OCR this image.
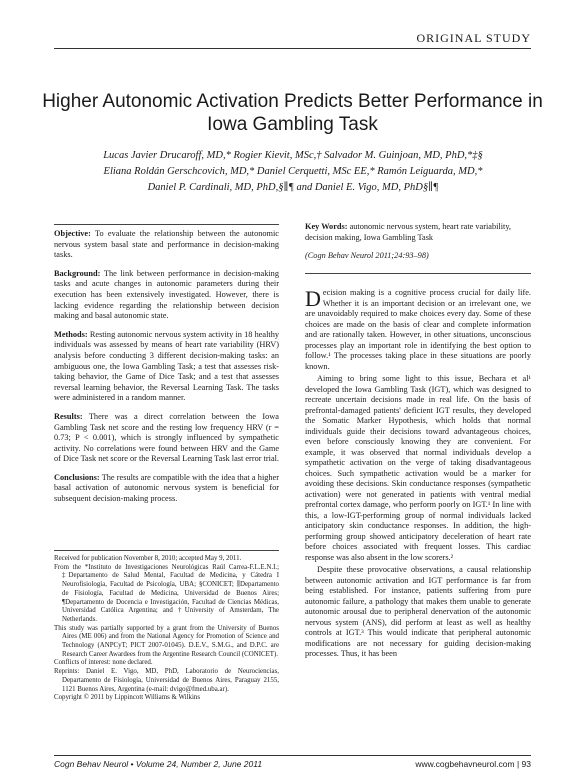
ORIGINAL STUDY
Higher Autonomic Activation Predicts Better Performance in Iowa Gambling Task
Lucas Javier Drucaroff, MD,* Rogier Kievit, MSc,† Salvador M. Guinjoan, MD, PhD,*‡§
Eliana Roldán Gerschcovich, MD,* Daniel Cerquetti, MSc EE,* Ramón Leiguarda, MD,*
Daniel P. Cardinali, MD, PhD,§∥¶ and Daniel E. Vigo, MD, PhD§∥¶

Objective: To evaluate the relationship between the autonomic nervous system basal state and performance in decision-making tasks.

Background: The link between performance in decision-making tasks and acute changes in autonomic parameters during their execution has been extensively investigated. However, there is lacking evidence regarding the relationship between decision making and basal autonomic state.

Methods: Resting autonomic nervous system activity in 18 healthy individuals was assessed by means of heart rate variability (HRV) analysis before conducting 3 different decision-making tasks: an ambiguous one, the Iowa Gambling Task; a test that assesses risk-taking behavior, the Game of Dice Task; and a test that assesses reversal learning behavior, the Reversal Learning Task. The tasks were administered in a random manner.

Results: There was a direct correlation between the Iowa Gambling Task net score and the resting low frequency HRV (r = 0.73; P < 0.001), which is strongly influenced by sympathetic activity. No correlations were found between HRV and the Game of Dice Task net score or the Reversal Learning Task last error trial.

Conclusions: The results are compatible with the idea that a higher basal activation of autonomic nervous system is beneficial for subsequent decision-making process.

Received for publication November 8, 2010; accepted May 9, 2011.

From the *Instituto de Investigaciones Neurológicas Raúl Carrea-F.L.E.N.I.; ‡Departamento de Salud Mental, Facultad de Medicina, y Cátedra I Neurofisiología, Facultad de Psicología, UBA; §CONICET; ∥Departamento de Fisiología, Facultad de Medicina, Universidad de Buenos Aires; ¶Departamento de Docencia e Investigación, Facultad de Ciencias Médicas, Universidad Católica Argentina; and †University of Amsterdam, The Netherlands.

This study was partially supported by a grant from the University of Buenos Aires (ME 006) and from the National Agency for Promotion of Science and Technology (ANPCyT; PICT 2007-01045). D.E.V., S.M.G., and D.P.C. are Research Career Awardees from the Argentine Research Council (CONICET).

Conflicts of interest: none declared.

Reprints: Daniel E. Vigo, MD, PhD, Laboratorio de Neurociencias, Departamento de Fisiología, Universidad de Buenos Aires, Paraguay 2155, 1121 Buenos Aires, Argentina (e-mail: dvigo@fmed.uba.ar).

Copyright © 2011 by Lippincott Williams & Wilkins

Key Words: autonomic nervous system, heart rate variability, decision making, Iowa Gambling Task

(Cogn Behav Neurol 2011;24:93–98)

Decision making is a cognitive process crucial for daily life. Whether it is an important decision or an irrelevant one, we are unavoidably required to make choices every day. Some of these choices are made on the basis of clear and complete information and are rationally taken. However, in other situations, unconscious processes play an important role in identifying the best option to follow.¹ The processes taking place in these situations are poorly known.

Aiming to bring some light to this issue, Bechara et al¹ developed the Iowa Gambling Task (IGT), which was designed to recreate uncertain decisions made in real life. On the basis of prefrontal-damaged patients' deficient IGT results, they developed the Somatic Marker Hypothesis, which holds that normal individuals guide their decisions toward advantageous choices, even before consciously knowing they are convenient. For example, it was observed that normal individuals develop a sympathetic activation on the verge of taking disadvantageous choices. Such sympathetic activation would be a marker for avoiding these decisions. Skin conductance responses (sympathetic activation) were not generated in patients with ventral medial prefrontal cortex damage, who perform poorly on IGT.¹ In line with this, a low-IGT-performing group of normal individuals lacked anticipatory skin conductance responses. In addition, the high-performing group showed anticipatory deceleration of heart rate before choices associated with frequent losses. This cardiac response was also absent in the low scorers.²

Despite these provocative observations, a causal relationship between autonomic activation and IGT performance is far from being established. For instance, patients suffering from pure autonomic failure, a pathology that makes them unable to generate autonomic arousal due to peripheral denervation of the autonomic nervous system (ANS), did perform at least as well as healthy controls at IGT.³ This would indicate that peripheral autonomic modifications are not necessary for guiding decision-making processes. Thus, it has been

Cogn Behav Neurol • Volume 24, Number 2, June 2011	www.cogbehavneurol.com | 93
